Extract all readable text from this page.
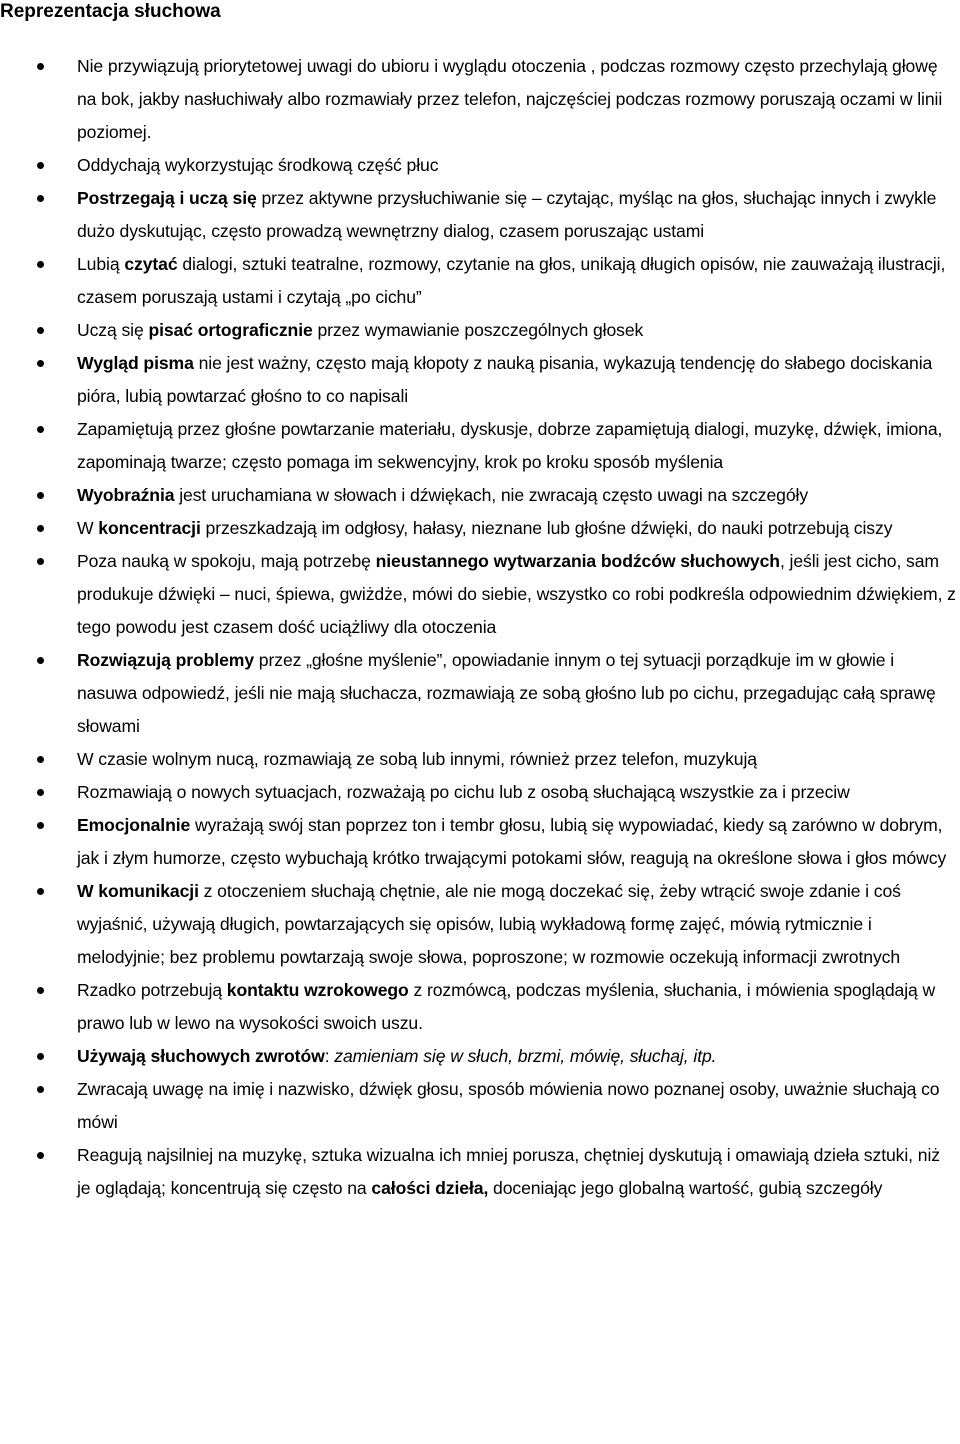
Reprezentacja słuchowa
Nie przywiązują priorytetowej uwagi do ubioru i wyglądu otoczenia , podczas rozmowy często przechylają głowę na bok, jakby nasłuchiwały albo rozmawiały przez telefon, najczęściej podczas rozmowy poruszają oczami w linii poziomej.
Oddychają wykorzystując środkową część płuc
Postrzegają i uczą się przez aktywne przysłuchiwanie się – czytając, myśląc na głos, słuchając innych i zwykle dużo dyskutując, często prowadzą wewnętrzny dialog, czasem poruszając ustami
Lubią czytać dialogi, sztuki teatralne, rozmowy, czytanie na głos, unikają długich opisów, nie zauważają ilustracji, czasem poruszają ustami i czytają „po cichu”
Uczą się pisać ortograficznie przez wymawianie poszczególnych głosek
Wygląd pisma nie jest ważny, często mają kłopoty z nauką pisania, wykazują tendencję do słabego dociskania pióra, lubią powtarzać głośno to co napisali
Zapamiętują przez głośne powtarzanie materiału, dyskusje, dobrze zapamiętują dialogi, muzykę, dźwięk, imiona, zapominają twarze; często pomaga im sekwencyjny, krok po kroku sposób myślenia
Wyobraźnia jest uruchamiana w słowach i dźwiękach, nie zwracają często uwagi na szczegóły
W koncentracji przeszkadzają im odgłosy, hałasy, nieznane lub głośne dźwięki, do nauki potrzebują ciszy
Poza nauką w spokoju, mają potrzebę nieustannego wytwarzania bodźców słuchowych, jeśli jest cicho, sam produkuje dźwięki – nuci, śpiewa, gwiżdże, mówi do siebie, wszystko co robi podkreśla odpowiednim dźwiękiem, z tego powodu jest czasem dość uciążliwy dla otoczenia
Rozwiązują problemy przez „głośne myślenie”, opowiadanie innym o tej sytuacji porządkuje im w głowie i nasuwa odpowiedź, jeśli nie mają słuchacza, rozmawiają ze sobą głośno lub po cichu, przegadując całą sprawę słowami
W czasie wolnym nucą, rozmawiają ze sobą lub innymi, również przez telefon, muzykują
Rozmawiają o nowych sytuacjach, rozważają po cichu lub z osobą słuchającą wszystkie za i przeciw
Emocjonalnie wyrażają swój stan poprzez ton i tembr głosu, lubią się wypowiadać, kiedy są zarówno w dobrym, jak i złym humorze, często wybuchają krótko trwającymi potokami słów, reagują na określone słowa i głos mówcy
W komunikacji z otoczeniem słuchają chętnie, ale nie mogą doczekać się, żeby wtrącić swoje zdanie i coś wyjaśnić, używają długich, powtarzających się opisów, lubią wykładową formę zajęć, mówią rytmicznie i melodyjnie; bez problemu powtarzają swoje słowa, poproszone; w rozmowie oczekują informacji zwrotnych
Rzadko potrzebują kontaktu wzrokowego z rozmówcą, podczas myślenia, słuchania, i mówienia spoglądają w prawo lub w lewo na wysokości swoich uszu.
Używają słuchowych zwrotów: zamieniam się w słuch, brzmi, mówię, słuchaj, itp.
Zwracają uwagę na imię i nazwisko, dźwięk głosu, sposób mówienia nowo poznanej osoby, uważnie słuchają co mówi
Reagują najsilniej na muzykę, sztuka wizualna ich mniej porusza, chętniej dyskutują i omawiają dzieła sztuki, niż je oglądają; koncentrują się często na całości dzieła, doceniając jego globalną wartość, gubią szczegóły
